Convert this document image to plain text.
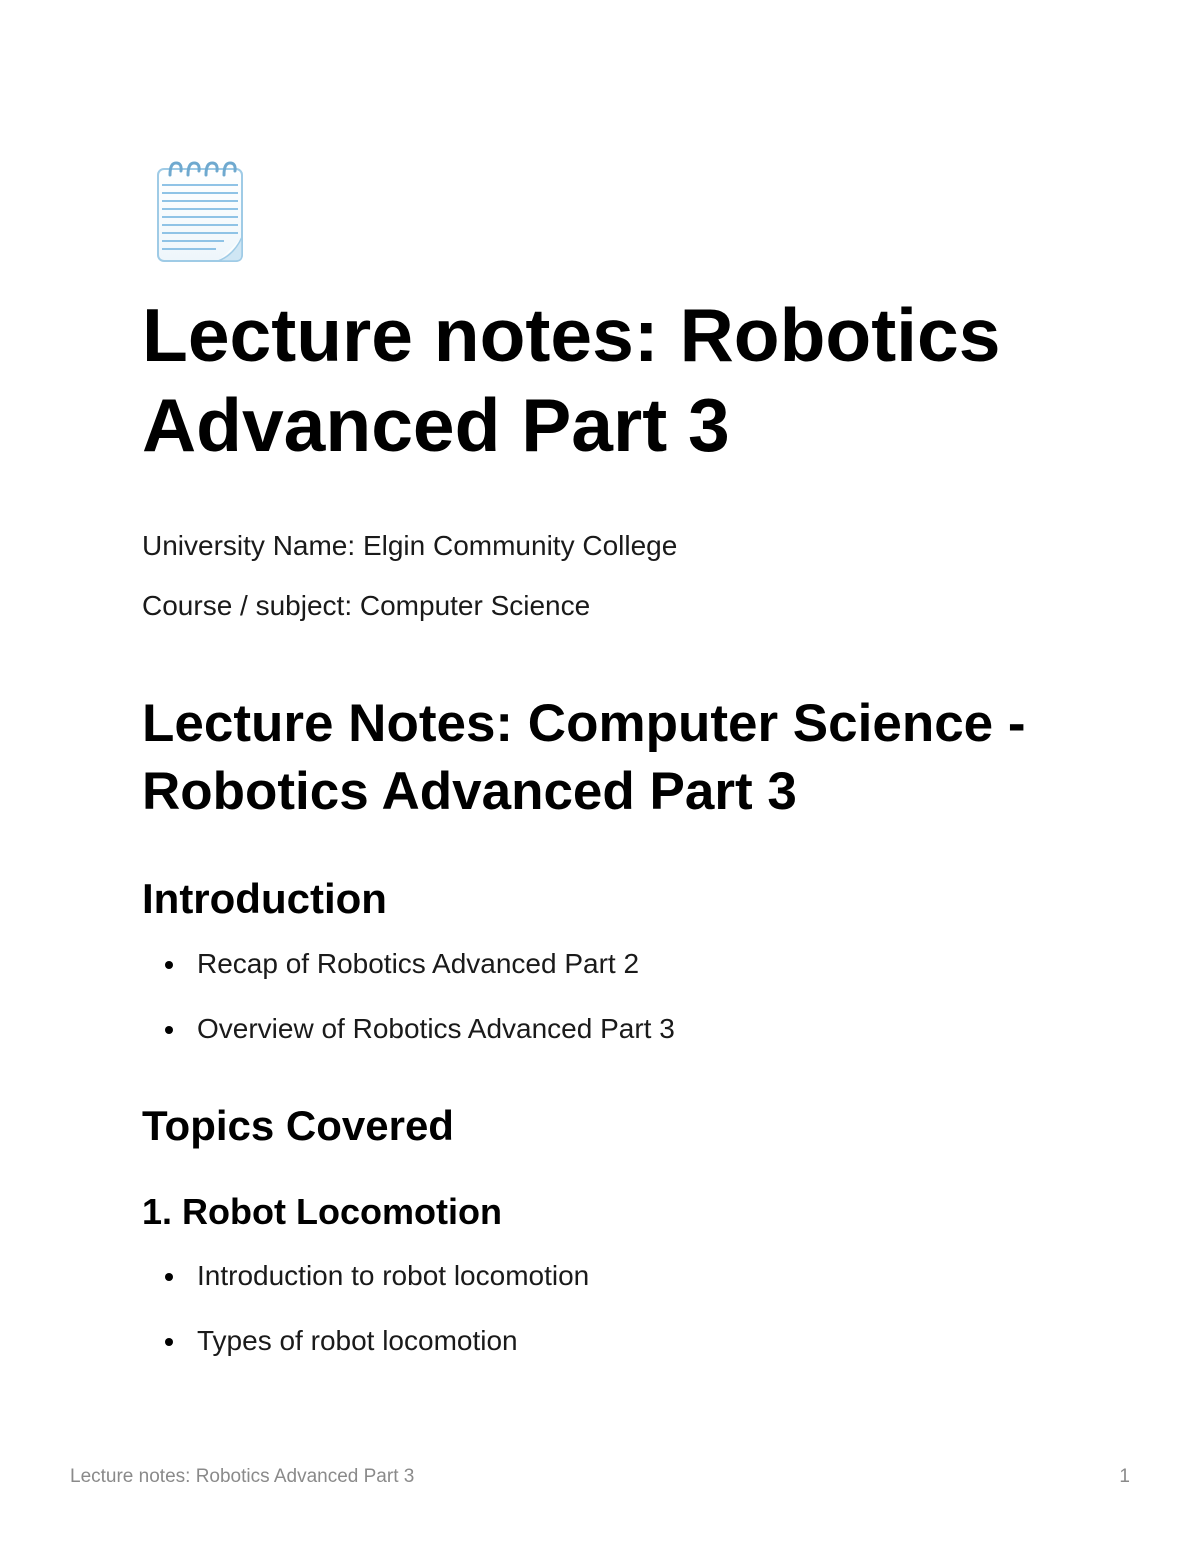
Lecture notes: Robotics Advanced Part 3

University Name: Elgin Community College

Course / subject: Computer Science

Lecture Notes: Computer Science - Robotics Advanced Part 3
Introduction
Recap of Robotics Advanced Part 2
Overview of Robotics Advanced Part 3
Topics Covered
1. Robot Locomotion
Introduction to robot locomotion
Types of robot locomotion
Lecture notes: Robotics Advanced Part 3	1
